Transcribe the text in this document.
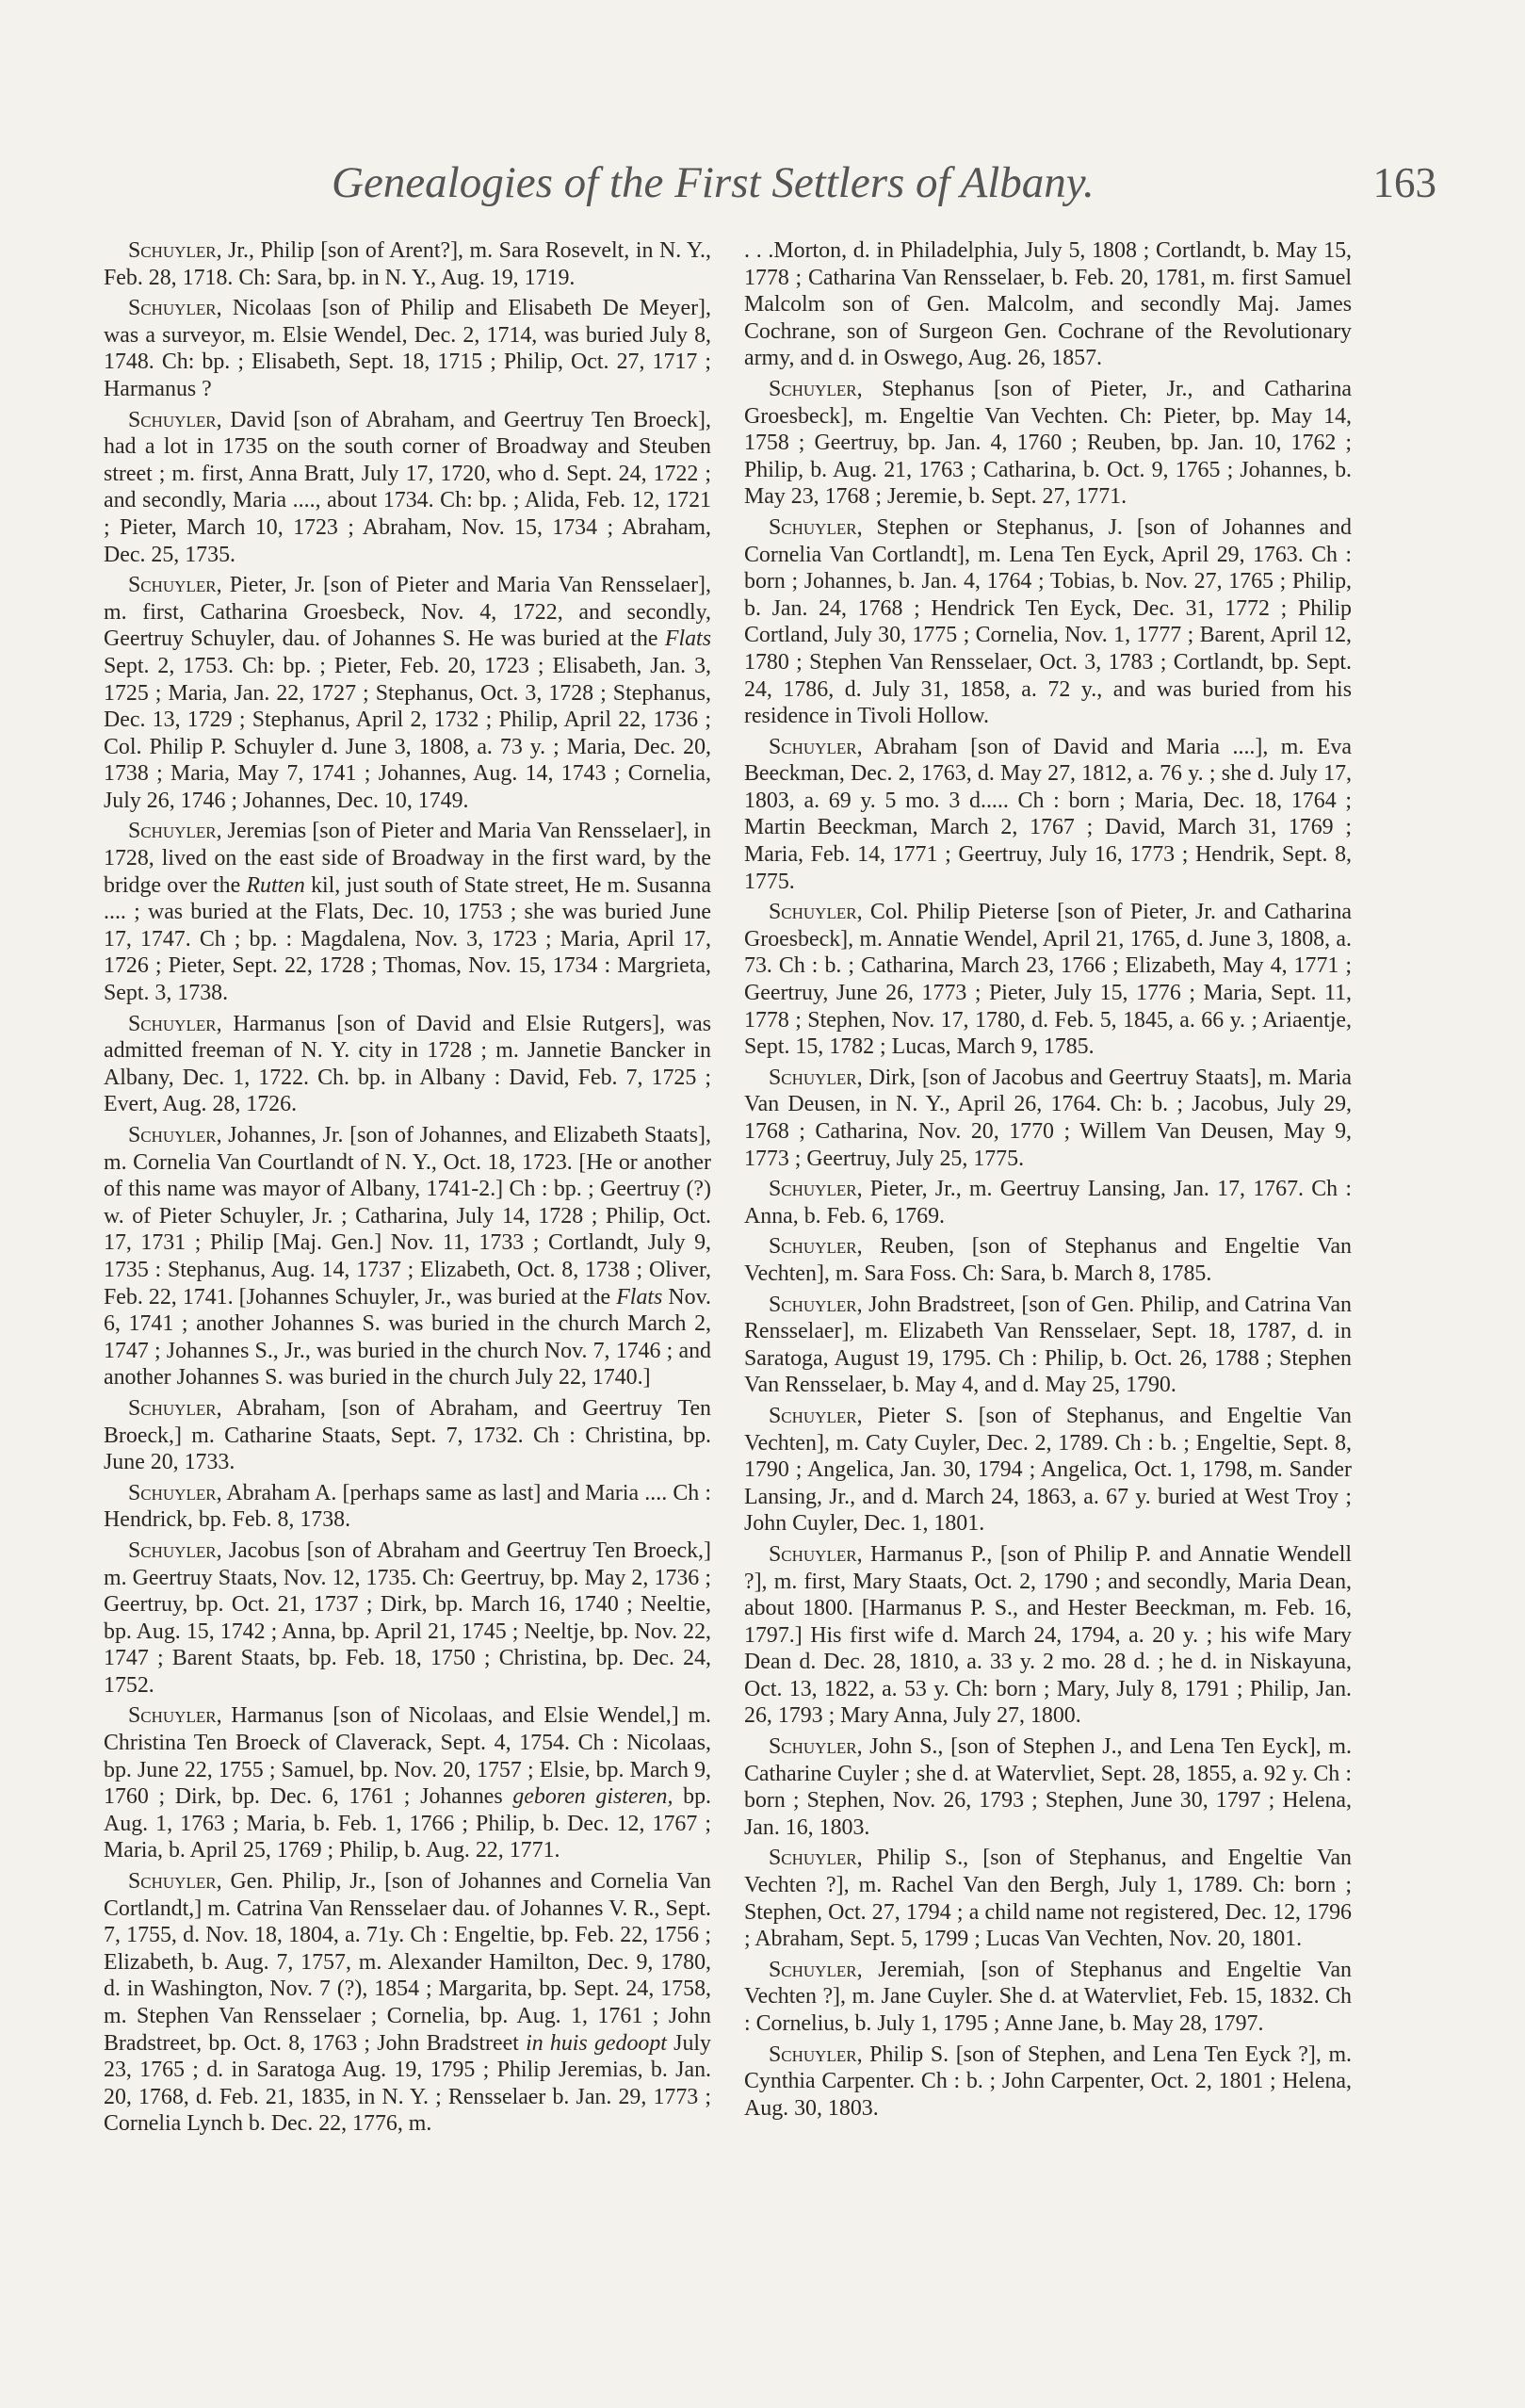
Genealogies of the First Settlers of Albany.	163

Schuyler, Jr., Philip [son of Arent?], m. Sara Rosevelt, in N. Y., Feb. 28, 1718. Ch: Sara, bp. in N. Y., Aug. 19, 1719.

Schuyler, Nicolaas [son of Philip and Elisabeth De Meyer], was a surveyor, m. Elsie Wendel, Dec. 2, 1714, was buried July 8, 1748. Ch: bp. ; Elisabeth, Sept. 18, 1715 ; Philip, Oct. 27, 1717 ; Harmanus ?

Schuyler, David [son of Abraham, and Geertruy Ten Broeck], had a lot in 1735 on the south corner of Broadway and Steuben street ; m. first, Anna Bratt, July 17, 1720, who d. Sept. 24, 1722 ; and secondly, Maria ...., about 1734. Ch: bp. ; Alida, Feb. 12, 1721 ; Pieter, March 10, 1723 ; Abraham, Nov. 15, 1734 ; Abraham, Dec. 25, 1735.

Schuyler, Pieter, Jr. [son of Pieter and Maria Van Rensselaer], m. first, Catharina Groesbeck, Nov. 4, 1722, and secondly, Geertruy Schuyler, dau. of Johannes S. He was buried at the Flats Sept. 2, 1753. Ch: bp. ; Pieter, Feb. 20, 1723 ; Elisabeth, Jan. 3, 1725 ; Maria, Jan. 22, 1727 ; Stephanus, Oct. 3, 1728 ; Stephanus, Dec. 13, 1729 ; Stephanus, April 2, 1732 ; Philip, April 22, 1736 ; Col. Philip P. Schuyler d. June 3, 1808, a. 73 y. ; Maria, Dec. 20, 1738 ; Maria, May 7, 1741 ; Johannes, Aug. 14, 1743 ; Cornelia, July 26, 1746 ; Johannes, Dec. 10, 1749.

Schuyler, Jeremias [son of Pieter and Maria Van Rensselaer], in 1728, lived on the east side of Broadway in the first ward, by the bridge over the Rutten kil, just south of State street, He m. Susanna .... ; was buried at the Flats, Dec. 10, 1753 ; she was buried June 17, 1747. Ch ; bp. : Magdalena, Nov. 3, 1723 ; Maria, April 17, 1726 ; Pieter, Sept. 22, 1728 ; Thomas, Nov. 15, 1734 : Margrieta, Sept. 3, 1738.

Schuyler, Harmanus [son of David and Elsie Rutgers], was admitted freeman of N. Y. city in 1728 ; m. Jannetie Bancker in Albany, Dec. 1, 1722. Ch. bp. in Albany : David, Feb. 7, 1725 ; Evert, Aug. 28, 1726.

Schuyler, Johannes, Jr. [son of Johannes, and Elizabeth Staats], m. Cornelia Van Courtlandt of N. Y., Oct. 18, 1723. [He or another of this name was mayor of Albany, 1741-2.] Ch : bp. ; Geertruy (?) w. of Pieter Schuyler, Jr. ; Catharina, July 14, 1728 ; Philip, Oct. 17, 1731 ; Philip [Maj. Gen.] Nov. 11, 1733 ; Cortlandt, July 9, 1735 : Stephanus, Aug. 14, 1737 ; Elizabeth, Oct. 8, 1738 ; Oliver, Feb. 22, 1741. [Johannes Schuyler, Jr., was buried at the Flats Nov. 6, 1741 ; another Johannes S. was buried in the church March 2, 1747 ; Johannes S., Jr., was buried in the church Nov. 7, 1746 ; and another Johannes S. was buried in the church July 22, 1740.]

Schuyler, Abraham, [son of Abraham, and Geertruy Ten Broeck,] m. Catharine Staats, Sept. 7, 1732. Ch : Christina, bp. June 20, 1733.

Schuyler, Abraham A. [perhaps same as last] and Maria .... Ch : Hendrick, bp. Feb. 8, 1738.

Schuyler, Jacobus [son of Abraham and Geertruy Ten Broeck,] m. Geertruy Staats, Nov. 12, 1735. Ch: Geertruy, bp. May 2, 1736 ; Geertruy, bp. Oct. 21, 1737 ; Dirk, bp. March 16, 1740 ; Neeltie, bp. Aug. 15, 1742 ; Anna, bp. April 21, 1745 ; Neeltje, bp. Nov. 22, 1747 ; Barent Staats, bp. Feb. 18, 1750 ; Christina, bp. Dec. 24, 1752.

Schuyler, Harmanus [son of Nicolaas, and Elsie Wendel,] m. Christina Ten Broeck of Claverack, Sept. 4, 1754. Ch : Nicolaas, bp. June 22, 1755 ; Samuel, bp. Nov. 20, 1757 ; Elsie, bp. March 9, 1760 ; Dirk, bp. Dec. 6, 1761 ; Johannes geboren gisteren, bp. Aug. 1, 1763 ; Maria, b. Feb. 1, 1766 ; Philip, b. Dec. 12, 1767 ; Maria, b. April 25, 1769 ; Philip, b. Aug. 22, 1771.

Schuyler, Gen. Philip, Jr., [son of Johannes and Cornelia Van Cortlandt,] m. Catrina Van Rensselaer dau. of Johannes V. R., Sept. 7, 1755, d. Nov. 18, 1804, a. 71y. Ch : Engeltie, bp. Feb. 22, 1756 ; Elizabeth, b. Aug. 7, 1757, m. Alexander Hamilton, Dec. 9, 1780, d. in Washington, Nov. 7 (?), 1854 ; Margarita, bp. Sept. 24, 1758, m. Stephen Van Rensselaer ; Cornelia, bp. Aug. 1, 1761 ; John Bradstreet, bp. Oct. 8, 1763 ; John Bradstreet in huis gedoopt July 23, 1765 ; d. in Saratoga Aug. 19, 1795 ; Philip Jeremias, b. Jan. 20, 1768, d. Feb. 21, 1835, in N. Y. ; Rensselaer b. Jan. 29, 1773 ; Cornelia Lynch b. Dec. 22, 1776, m.

. . .Morton, d. in Philadelphia, July 5, 1808 ; Cortlandt, b. May 15, 1778 ; Catharina Van Rensselaer, b. Feb. 20, 1781, m. first Samuel Malcolm son of Gen. Malcolm, and secondly Maj. James Cochrane, son of Surgeon Gen. Cochrane of the Revolutionary army, and d. in Oswego, Aug. 26, 1857.

Schuyler, Stephanus [son of Pieter, Jr., and Catharina Groesbeck], m. Engeltie Van Vechten. Ch: Pieter, bp. May 14, 1758 ; Geertruy, bp. Jan. 4, 1760 ; Reuben, bp. Jan. 10, 1762 ; Philip, b. Aug. 21, 1763 ; Catharina, b. Oct. 9, 1765 ; Johannes, b. May 23, 1768 ; Jeremie, b. Sept. 27, 1771.

Schuyler, Stephen or Stephanus, J. [son of Johannes and Cornelia Van Cortlandt], m. Lena Ten Eyck, April 29, 1763. Ch : born ; Johannes, b. Jan. 4, 1764 ; Tobias, b. Nov. 27, 1765 ; Philip, b. Jan. 24, 1768 ; Hendrick Ten Eyck, Dec. 31, 1772 ; Philip Cortland, July 30, 1775 ; Cornelia, Nov. 1, 1777 ; Barent, April 12, 1780 ; Stephen Van Rensselaer, Oct. 3, 1783 ; Cortlandt, bp. Sept. 24, 1786, d. July 31, 1858, a. 72 y., and was buried from his residence in Tivoli Hollow.

Schuyler, Abraham [son of David and Maria ....], m. Eva Beeckman, Dec. 2, 1763, d. May 27, 1812, a. 76 y. ; she d. July 17, 1803, a. 69 y. 5 mo. 3 d..... Ch : born ; Maria, Dec. 18, 1764 ; Martin Beeckman, March 2, 1767 ; David, March 31, 1769 ; Maria, Feb. 14, 1771 ; Geertruy, July 16, 1773 ; Hendrik, Sept. 8, 1775.

Schuyler, Col. Philip Pieterse [son of Pieter, Jr. and Catharina Groesbeck], m. Annatie Wendel, April 21, 1765, d. June 3, 1808, a. 73. Ch : b. ; Catharina, March 23, 1766 ; Elizabeth, May 4, 1771 ; Geertruy, June 26, 1773 ; Pieter, July 15, 1776 ; Maria, Sept. 11, 1778 ; Stephen, Nov. 17, 1780, d. Feb. 5, 1845, a. 66 y. ; Ariaentje, Sept. 15, 1782 ; Lucas, March 9, 1785.

Schuyler, Dirk, [son of Jacobus and Geertruy Staats], m. Maria Van Deusen, in N. Y., April 26, 1764. Ch: b. ; Jacobus, July 29, 1768 ; Catharina, Nov. 20, 1770 ; Willem Van Deusen, May 9, 1773 ; Geertruy, July 25, 1775.

Schuyler, Pieter, Jr., m. Geertruy Lansing, Jan. 17, 1767. Ch : Anna, b. Feb. 6, 1769.

Schuyler, Reuben, [son of Stephanus and Engeltie Van Vechten], m. Sara Foss. Ch: Sara, b. March 8, 1785.

Schuyler, John Bradstreet, [son of Gen. Philip, and Catrina Van Rensselaer], m. Elizabeth Van Rensselaer, Sept. 18, 1787, d. in Saratoga, August 19, 1795. Ch : Philip, b. Oct. 26, 1788 ; Stephen Van Rensselaer, b. May 4, and d. May 25, 1790.

Schuyler, Pieter S. [son of Stephanus, and Engeltie Van Vechten], m. Caty Cuyler, Dec. 2, 1789. Ch : b. ; Engeltie, Sept. 8, 1790 ; Angelica, Jan. 30, 1794 ; Angelica, Oct. 1, 1798, m. Sander Lansing, Jr., and d. March 24, 1863, a. 67 y. buried at West Troy ; John Cuyler, Dec. 1, 1801.

Schuyler, Harmanus P., [son of Philip P. and Annatie Wendell ?], m. first, Mary Staats, Oct. 2, 1790 ; and secondly, Maria Dean, about 1800. [Harmanus P. S., and Hester Beeckman, m. Feb. 16, 1797.] His first wife d. March 24, 1794, a. 20 y. ; his wife Mary Dean d. Dec. 28, 1810, a. 33 y. 2 mo. 28 d. ; he d. in Niskayuna, Oct. 13, 1822, a. 53 y. Ch: born ; Mary, July 8, 1791 ; Philip, Jan. 26, 1793 ; Mary Anna, July 27, 1800.

Schuyler, John S., [son of Stephen J., and Lena Ten Eyck], m. Catharine Cuyler ; she d. at Watervliet, Sept. 28, 1855, a. 92 y. Ch : born ; Stephen, Nov. 26, 1793 ; Stephen, June 30, 1797 ; Helena, Jan. 16, 1803.

Schuyler, Philip S., [son of Stephanus, and Engeltie Van Vechten ?], m. Rachel Van den Bergh, July 1, 1789. Ch: born ; Stephen, Oct. 27, 1794 ; a child name not registered, Dec. 12, 1796 ; Abraham, Sept. 5, 1799 ; Lucas Van Vechten, Nov. 20, 1801.

Schuyler, Jeremiah, [son of Stephanus and Engeltie Van Vechten ?], m. Jane Cuyler. She d. at Watervliet, Feb. 15, 1832. Ch : Cornelius, b. July 1, 1795 ; Anne Jane, b. May 28, 1797.

Schuyler, Philip S. [son of Stephen, and Lena Ten Eyck ?], m. Cynthia Carpenter. Ch : b. ; John Carpenter, Oct. 2, 1801 ; Helena, Aug. 30, 1803.
